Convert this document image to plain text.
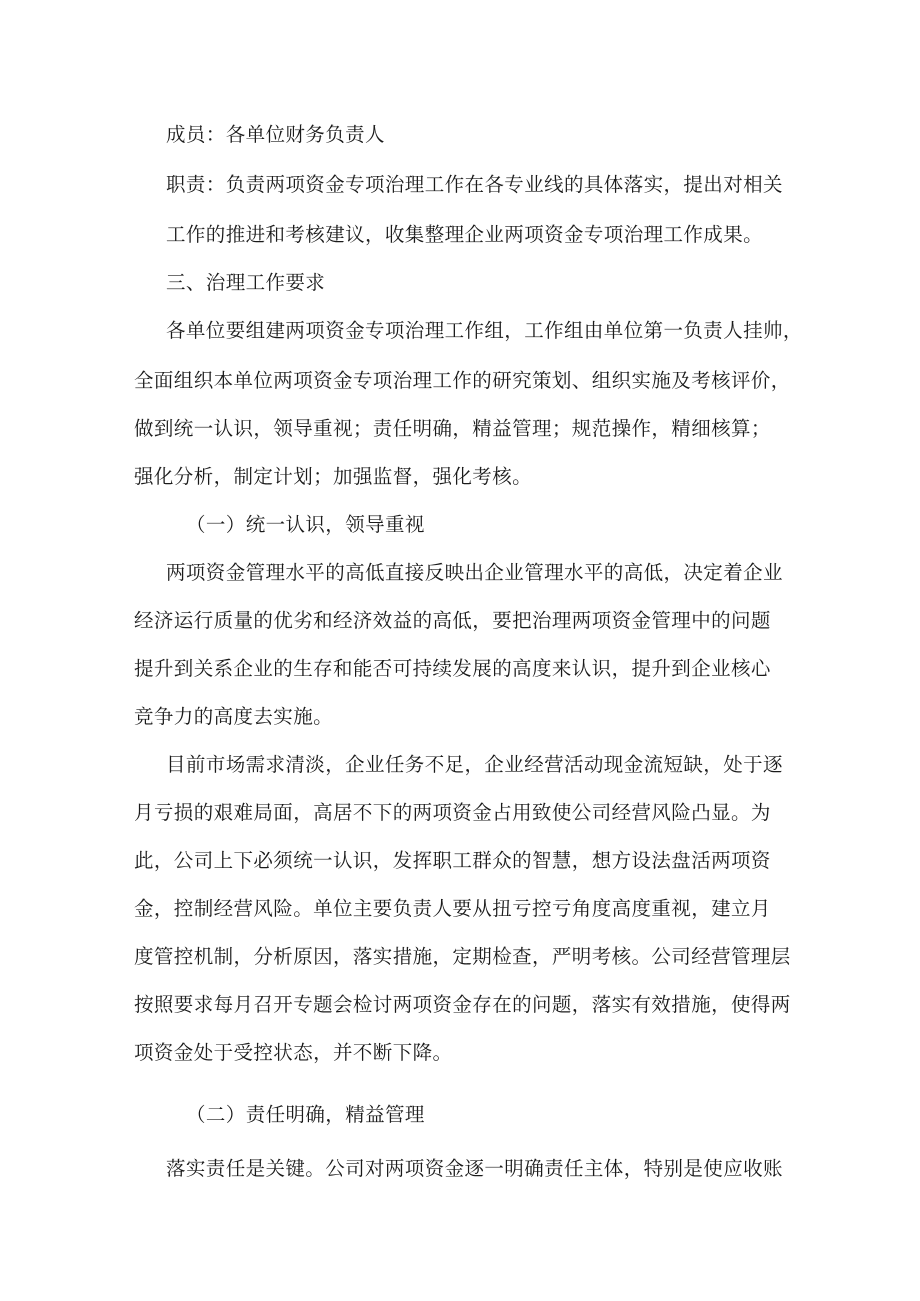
成员：各单位财务负责人

职责：负责两项资金专项治理工作在各专业线的具体落实，提出对相关

工作的推进和考核建议，收集整理企业两项资金专项治理工作成果。

三、治理工作要求

各单位要组建两项资金专项治理工作组，工作组由单位第一负责人挂帅，

全面组织本单位两项资金专项治理工作的研究策划、组织实施及考核评价，

做到统一认识，领导重视；责任明确，精益管理；规范操作，精细核算；

强化分析，制定计划；加强监督，强化考核。

（一）统一认识，领导重视

两项资金管理水平的高低直接反映出企业管理水平的高低，决定着企业

经济运行质量的优劣和经济效益的高低，要把治理两项资金管理中的问题

提升到关系企业的生存和能否可持续发展的高度来认识，提升到企业核心

竞争力的高度去实施。

目前市场需求清淡，企业任务不足，企业经营活动现金流短缺，处于逐

月亏损的艰难局面，高居不下的两项资金占用致使公司经营风险凸显。为

此，公司上下必须统一认识，发挥职工群众的智慧，想方设法盘活两项资

金，控制经营风险。单位主要负责人要从扭亏控亏角度高度重视，建立月

度管控机制，分析原因，落实措施，定期检查，严明考核。公司经营管理层

按照要求每月召开专题会检讨两项资金存在的问题，落实有效措施，使得两

项资金处于受控状态，并不断下降。

（二）责任明确，精益管理

落实责任是关键。公司对两项资金逐一明确责任主体，特别是使应收账
